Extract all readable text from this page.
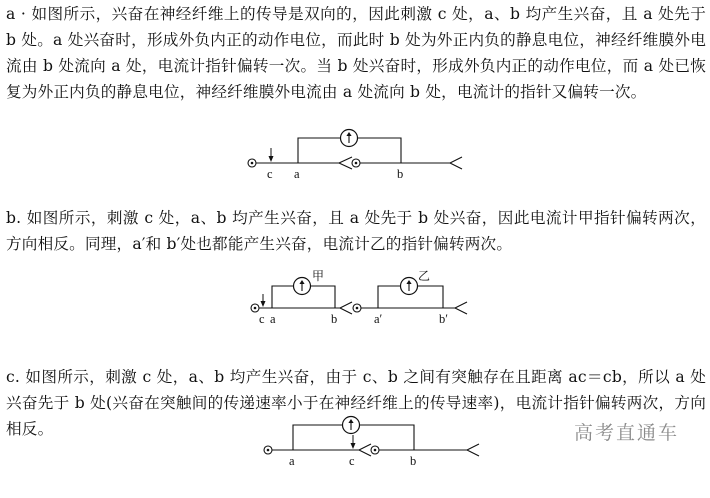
a · 如图所示，兴奋在神经纤维上的传导是双向的，因此刺激 c 处，a、b 均产生兴奋，且 a 处先于 b 处。a 处兴奋时，形成外负内正的动作电位，而此时 b 处为外正内负的静息电位，神经纤维膜外电流由 b 处流向 a 处，电流计指针偏转一次。当 b 处兴奋时，形成外负内正的动作电位，而 a 处已恢复为外正内负的静息电位，神经纤维膜外电流由 a 处流向 b 处，电流计的指针又偏转一次。

b. 如图所示，刺激 c 处，a、b 均产生兴奋，且 a 处先于 b 处兴奋，因此电流计甲指针偏转两次，方向相反。同理，a′和 b′处也都能产生兴奋，电流计乙的指针偏转两次。

c. 如图所示，刺激 c 处，a、b 均产生兴奋，由于 c、b 之间有突触存在且距离 ac＝cb，所以 a 处兴奋先于 b 处(兴奋在突触间的传递速率小于在神经纤维上的传导速率)，电流计指针偏转两次，方向相反。

c a	b
甲	乙
c a	b	a′	b′
a	c	b
高考直通车
